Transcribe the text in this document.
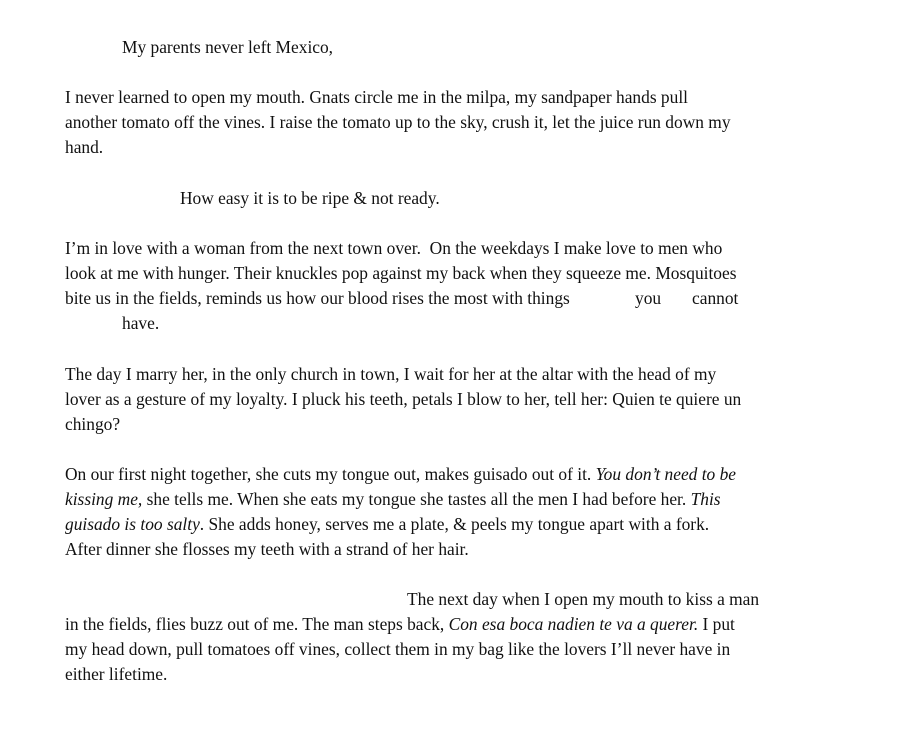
My parents never left Mexico,

I never learned to open my mouth. Gnats circle me in the milpa, my sandpaper hands pull

another tomato off the vines. I raise the tomato up to the sky, crush it, let the juice run down my

hand.

How easy it is to be ripe & not ready.

I’m in love with a woman from the next town over.  On the weekdays I make love to men who

look at me with hunger. Their knuckles pop against my back when they squeeze me. Mosquitoes

bite us in the fields, reminds us how our blood rises the most with things	you cannot

have.

The day I marry her, in the only church in town, I wait for her at the altar with the head of my

lover as a gesture of my loyalty. I pluck his teeth, petals I blow to her, tell her: Quien te quiere un

chingo?

On our first night together, she cuts my tongue out, makes guisado out of it. You don’t need to be

kissing me, she tells me. When she eats my tongue she tastes all the men I had before her. This

guisado is too salty. She adds honey, serves me a plate, & peels my tongue apart with a fork.

After dinner she flosses my teeth with a strand of her hair.

The next day when I open my mouth to kiss a man

in the fields, flies buzz out of me. The man steps back, Con esa boca nadien te va a querer. I put

my head down, pull tomatoes off vines, collect them in my bag like the lovers I’ll never have in

either lifetime.
